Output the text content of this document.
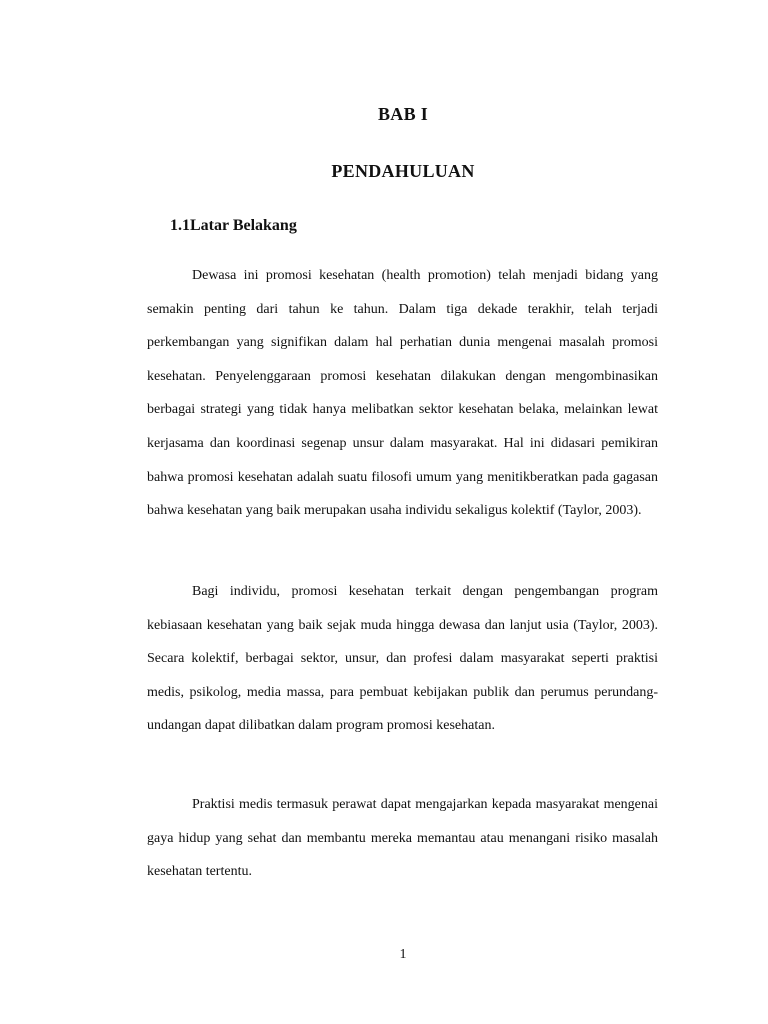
BAB I
PENDAHULUAN
1.1Latar Belakang

Dewasa ini promosi kesehatan (health promotion) telah menjadi bidang yang semakin penting dari tahun ke tahun. Dalam tiga dekade terakhir, telah terjadi perkembangan yang signifikan dalam hal perhatian dunia mengenai masalah promosi kesehatan. Penyelenggaraan promosi kesehatan dilakukan dengan mengombinasikan berbagai strategi yang tidak hanya melibatkan sektor kesehatan belaka, melainkan lewat kerjasama dan koordinasi segenap unsur dalam masyarakat. Hal ini didasari pemikiran bahwa promosi kesehatan adalah suatu filosofi umum yang menitikberatkan pada gagasan bahwa kesehatan yang baik merupakan usaha individu sekaligus kolektif (Taylor, 2003).

Bagi individu, promosi kesehatan terkait dengan pengembangan program kebiasaan kesehatan yang baik sejak muda hingga dewasa dan lanjut usia (Taylor, 2003). Secara kolektif, berbagai sektor, unsur, dan profesi dalam masyarakat seperti praktisi medis, psikolog, media massa, para pembuat kebijakan publik dan perumus perundang-undangan dapat dilibatkan dalam program promosi kesehatan.

Praktisi medis termasuk perawat dapat mengajarkan kepada masyarakat mengenai gaya hidup yang sehat dan membantu mereka memantau atau menangani risiko masalah kesehatan tertentu.

1
